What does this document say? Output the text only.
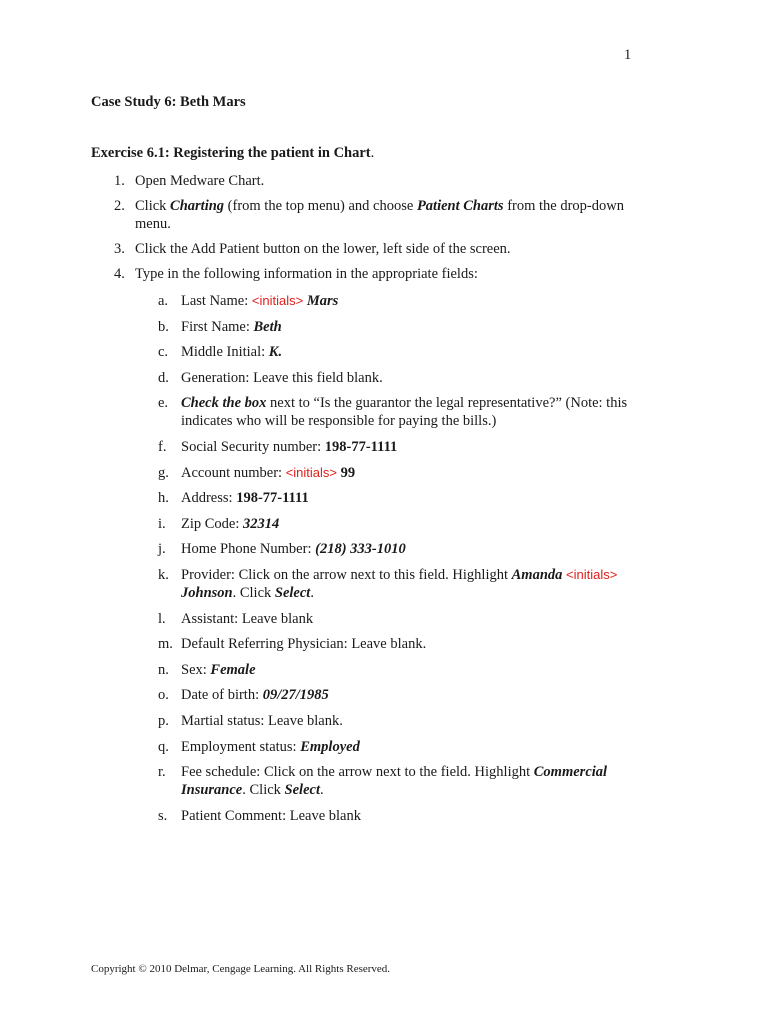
1
Case Study 6: Beth Mars
Exercise 6.1: Registering the patient in Chart.
1. Open Medware Chart.
2. Click Charting (from the top menu) and choose Patient Charts from the drop-down menu.
3. Click the Add Patient button on the lower, left side of the screen.
4. Type in the following information in the appropriate fields:
a. Last Name: <initials> Mars
b. First Name: Beth
c. Middle Initial: K.
d. Generation: Leave this field blank.
e. Check the box next to “Is the guarantor the legal representative?” (Note: this indicates who will be responsible for paying the bills.)
f. Social Security number: 198-77-1111
g. Account number: <initials> 99
h. Address: 198-77-1111
i. Zip Code: 32314
j. Home Phone Number: (218) 333-1010
k. Provider: Click on the arrow next to this field. Highlight Amanda <initials> Johnson. Click Select.
l. Assistant: Leave blank
m. Default Referring Physician: Leave blank.
n. Sex: Female
o. Date of birth: 09/27/1985
p. Martial status: Leave blank.
q. Employment status: Employed
r. Fee schedule: Click on the arrow next to the field. Highlight Commercial Insurance. Click Select.
s. Patient Comment: Leave blank
Copyright © 2010 Delmar, Cengage Learning. All Rights Reserved.
